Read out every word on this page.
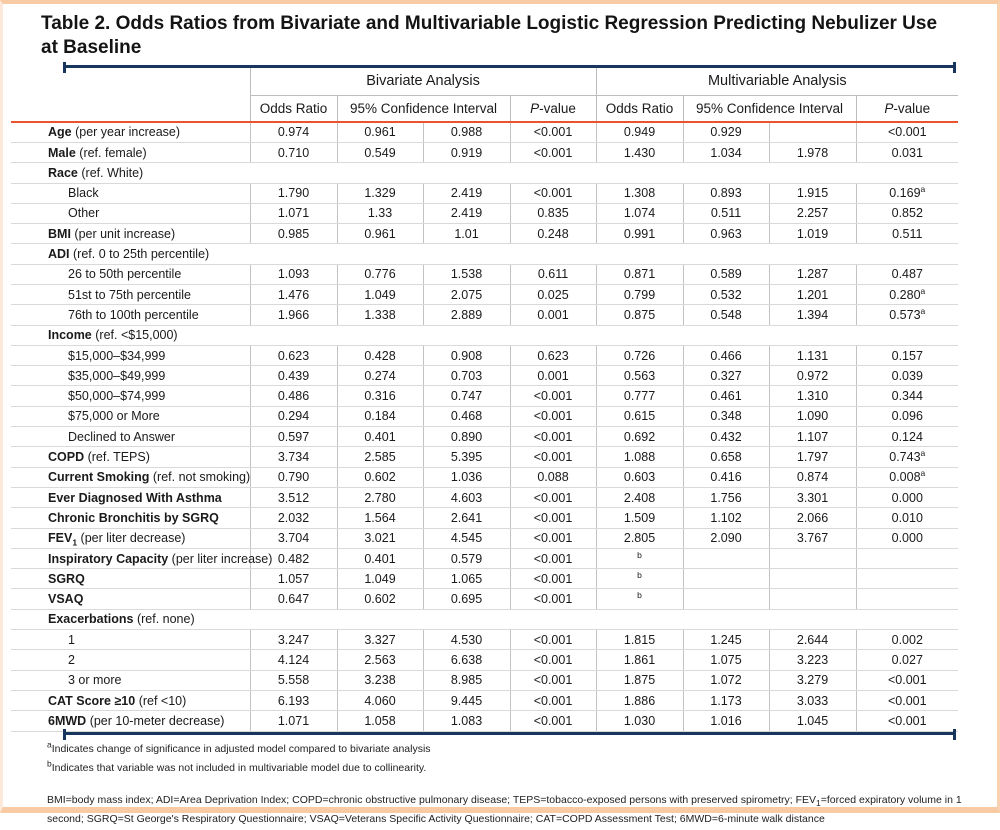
Table 2. Odds Ratios from Bivariate and Multivariable Logistic Regression Predicting Nebulizer Use at Baseline
	Bivariate Analysis				Multivariable Analysis			
	Odds Ratio	95% Confidence Interval		P-value	Odds Ratio	95% Confidence Interval		P-value
Age (per year increase)	0.974	0.961	0.988	<0.001	0.949	0.929		<0.001
Male (ref. female)	0.710	0.549	0.919	<0.001	1.430	1.034	1.978	0.031
Race (ref. White)								
Black	1.790	1.329	2.419	<0.001	1.308	0.893	1.915	0.169$^a$
Other	1.071	1.33	2.419	0.835	1.074	0.511	2.257	0.852
BMI (per unit increase)	0.985	0.961	1.01	0.248	0.991	0.963	1.019	0.511
ADI (ref. 0 to 25th percentile)								
26 to 50th percentile	1.093	0.776	1.538	0.611	0.871	0.589	1.287	0.487
51st to 75th percentile	1.476	1.049	2.075	0.025	0.799	0.532	1.201	0.280$^a$
76th to 100th percentile	1.966	1.338	2.889	0.001	0.875	0.548	1.394	0.573$^a$
Income (ref. <$15,000)								
$15,000–$34,999	0.623	0.428	0.908	0.623	0.726	0.466	1.131	0.157
$35,000–$49,999	0.439	0.274	0.703	0.001	0.563	0.327	0.972	0.039
$50,000–$74,999	0.486	0.316	0.747	<0.001	0.777	0.461	1.310	0.344
$75,000 or More	0.294	0.184	0.468	<0.001	0.615	0.348	1.090	0.096
Declined to Answer	0.597	0.401	0.890	<0.001	0.692	0.432	1.107	0.124
COPD (ref. TEPS)	3.734	2.585	5.395	<0.001	1.088	0.658	1.797	0.743$^a$
Current Smoking (ref. not smoking)	0.790	0.602	1.036	0.088	0.603	0.416	0.874	0.008$^a$
Ever Diagnosed With Asthma	3.512	2.780	4.603	<0.001	2.408	1.756	3.301	0.000
Chronic Bronchitis by SGRQ	2.032	1.564	2.641	<0.001	1.509	1.102	2.066	0.010
$FEV_1$ (per liter decrease)	3.704	3.021	4.545	<0.001	2.805	2.090	3.767	0.000
Inspiratory Capacity (per liter increase)	0.482	0.401	0.579	<0.001	$^b$			
SGRQ	1.057	1.049	1.065	<0.001	$^b$			
VSAQ	0.647	0.602	0.695	<0.001	$^b$			
Exacerbations (ref. none)								
1	3.247	3.327	4.530	<0.001	1.815	1.245	2.644	0.002
2	4.124	2.563	6.638	<0.001	1.861	1.075	3.223	0.027
3 or more	5.558	3.238	8.985	<0.001	1.875	1.072	3.279	<0.001
CAT Score ≥10 (ref <10)	6.193	4.060	9.445	<0.001	1.886	1.173	3.033	<0.001
6MWD (per 10-meter decrease)	1.071	1.058	1.083	<0.001	1.030	1.016	1.045	<0.001
$^a$Indicates change of significance in adjusted model compared to bivariate analysis
$^b$Indicates that variable was not included in multivariable model due to collinearity.
BMI=body mass index; ADI=Area Deprivation Index; COPD=chronic obstructive pulmonary disease; TEPS=tobacco-exposed persons with preserved spirometry; $FEV_1=forced$ expiratory volume in 1 second; SGRQ=St George's Respiratory Questionnaire; VSAQ=Veterans Specific Activity Questionnaire; CAT=COPD Assessment Test; 6MWD=6-minute walk distance
